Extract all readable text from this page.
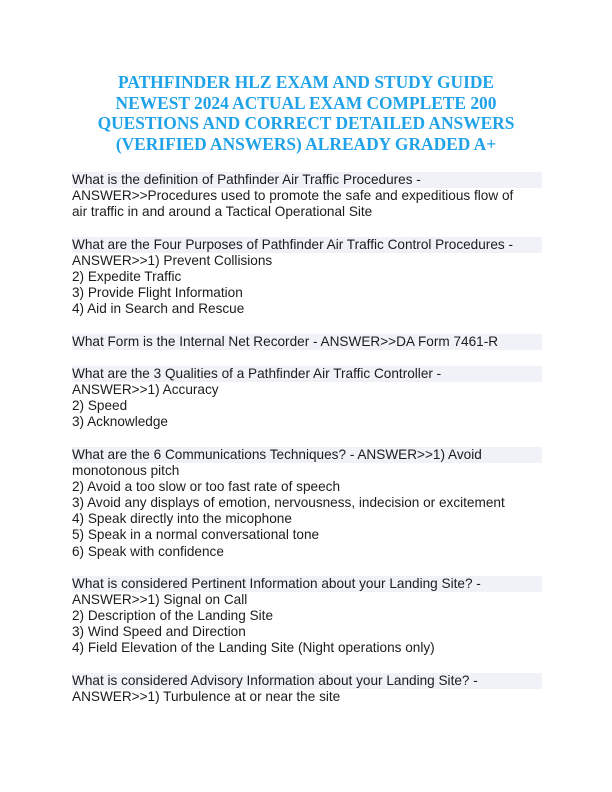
PATHFINDER HLZ EXAM AND STUDY GUIDE
NEWEST 2024 ACTUAL EXAM COMPLETE 200
QUESTIONS AND CORRECT DETAILED ANSWERS
(VERIFIED ANSWERS) ALREADY GRADED A+
What is the definition of Pathfinder Air Traffic Procedures -
ANSWER>>Procedures used to promote the safe and expeditious flow of
air traffic in and around a Tactical Operational Site
What are the Four Purposes of Pathfinder Air Traffic Control Procedures -
ANSWER>>1) Prevent Collisions
2) Expedite Traffic
3) Provide Flight Information
4) Aid in Search and Rescue
What Form is the Internal Net Recorder - ANSWER>>DA Form 7461-R
What are the 3 Qualities of a Pathfinder Air Traffic Controller -
ANSWER>>1) Accuracy
2) Speed
3) Acknowledge
What are the 6 Communications Techniques? - ANSWER>>1) Avoid
monotonous pitch
2) Avoid a too slow or too fast rate of speech
3) Avoid any displays of emotion, nervousness, indecision or excitement
4) Speak directly into the micophone
5) Speak in a normal conversational tone
6) Speak with confidence
What is considered Pertinent Information about your Landing Site? -
ANSWER>>1) Signal on Call
2) Description of the Landing Site
3) Wind Speed and Direction
4) Field Elevation of the Landing Site (Night operations only)
What is considered Advisory Information about your Landing Site? -
ANSWER>>1) Turbulence at or near the site
